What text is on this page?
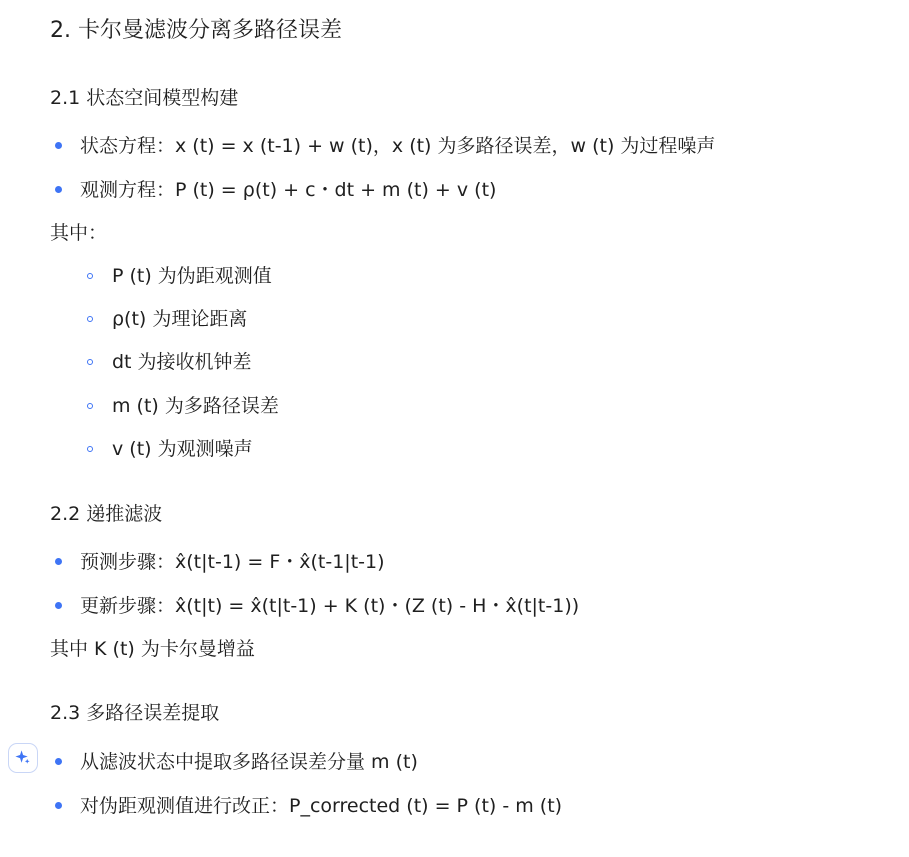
2. 卡尔曼滤波分离多路径误差
2.1 状态空间模型构建
状态方程：x (t) = x (t-1) + w (t)，x (t) 为多路径误差，w (t) 为过程噪声
观测方程：P (t) = ρ(t) + c・dt + m (t) + v (t)
其中：
P (t) 为伪距观测值
ρ(t) 为理论距离
dt 为接收机钟差
m (t) 为多路径误差
v (t) 为观测噪声
2.2 递推滤波
预测步骤：x̂(t|t-1) = F・x̂(t-1|t-1)
更新步骤：x̂(t|t) = x̂(t|t-1) + K (t)・(Z (t) - H・x̂(t|t-1))
其中 K (t) 为卡尔曼增益
2.3 多路径误差提取
从滤波状态中提取多路径误差分量 m (t)
对伪距观测值进行改正：P_corrected (t) = P (t) - m (t)
